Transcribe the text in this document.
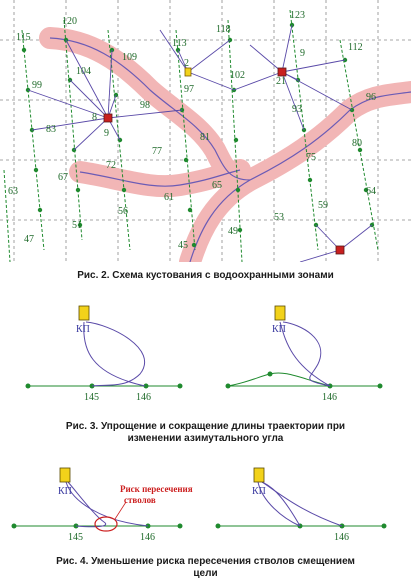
120
115
109
113
118
123
112
99
104
2
97
102
21
9
83
8
98
81
96
93
9
77
75
80
64
67
72
65
56
61
59
53
51
49
47
63
45
Рис. 2. Схема кустования с водоохранными зонами
КП
145	146
КП
146
Рис. 3. Упрощение и сокращение длины траектории при
изменении азимутального угла
КП	Риск пересечения
стволов
145	146
КП
146
Рис. 4. Уменьшение риска пересечения стволов смещением
цели
